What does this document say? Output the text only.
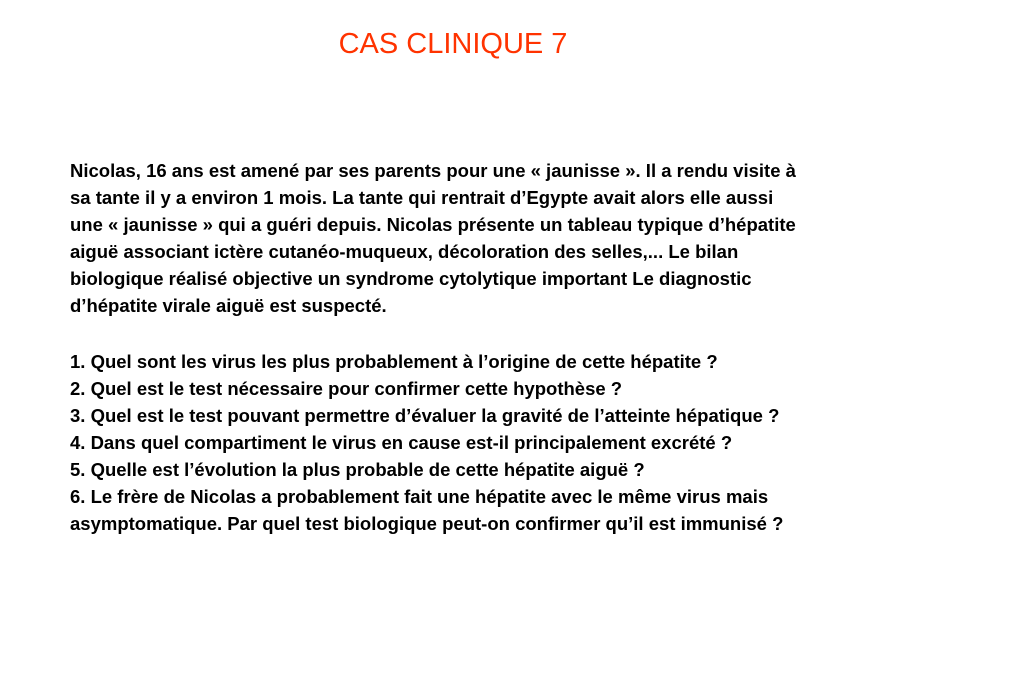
CAS CLINIQUE 7
Nicolas, 16 ans est amené par ses parents pour une « jaunisse ». Il a rendu visite à
sa tante il y a environ 1 mois. La tante qui rentrait d’Egypte avait alors elle aussi
une « jaunisse » qui a guéri depuis. Nicolas présente un tableau typique d’hépatite
aiguë associant ictère cutanéo-muqueux, décoloration des selles,... Le bilan
biologique réalisé objective un syndrome cytolytique important Le diagnostic
d’hépatite virale aiguë est suspecté.
1. Quel sont les virus les plus probablement à l’origine de cette hépatite ?
2. Quel est le test nécessaire pour confirmer cette hypothèse ?
3. Quel est le test pouvant permettre d’évaluer la gravité de l’atteinte hépatique ?
4. Dans quel compartiment le virus en cause est-il principalement excrété ?
5. Quelle est l’évolution la plus probable de cette hépatite aiguë ?
6. Le frère de Nicolas a probablement fait une hépatite avec le même virus mais
asymptomatique. Par quel test biologique peut-on confirmer qu’il est immunisé ?
